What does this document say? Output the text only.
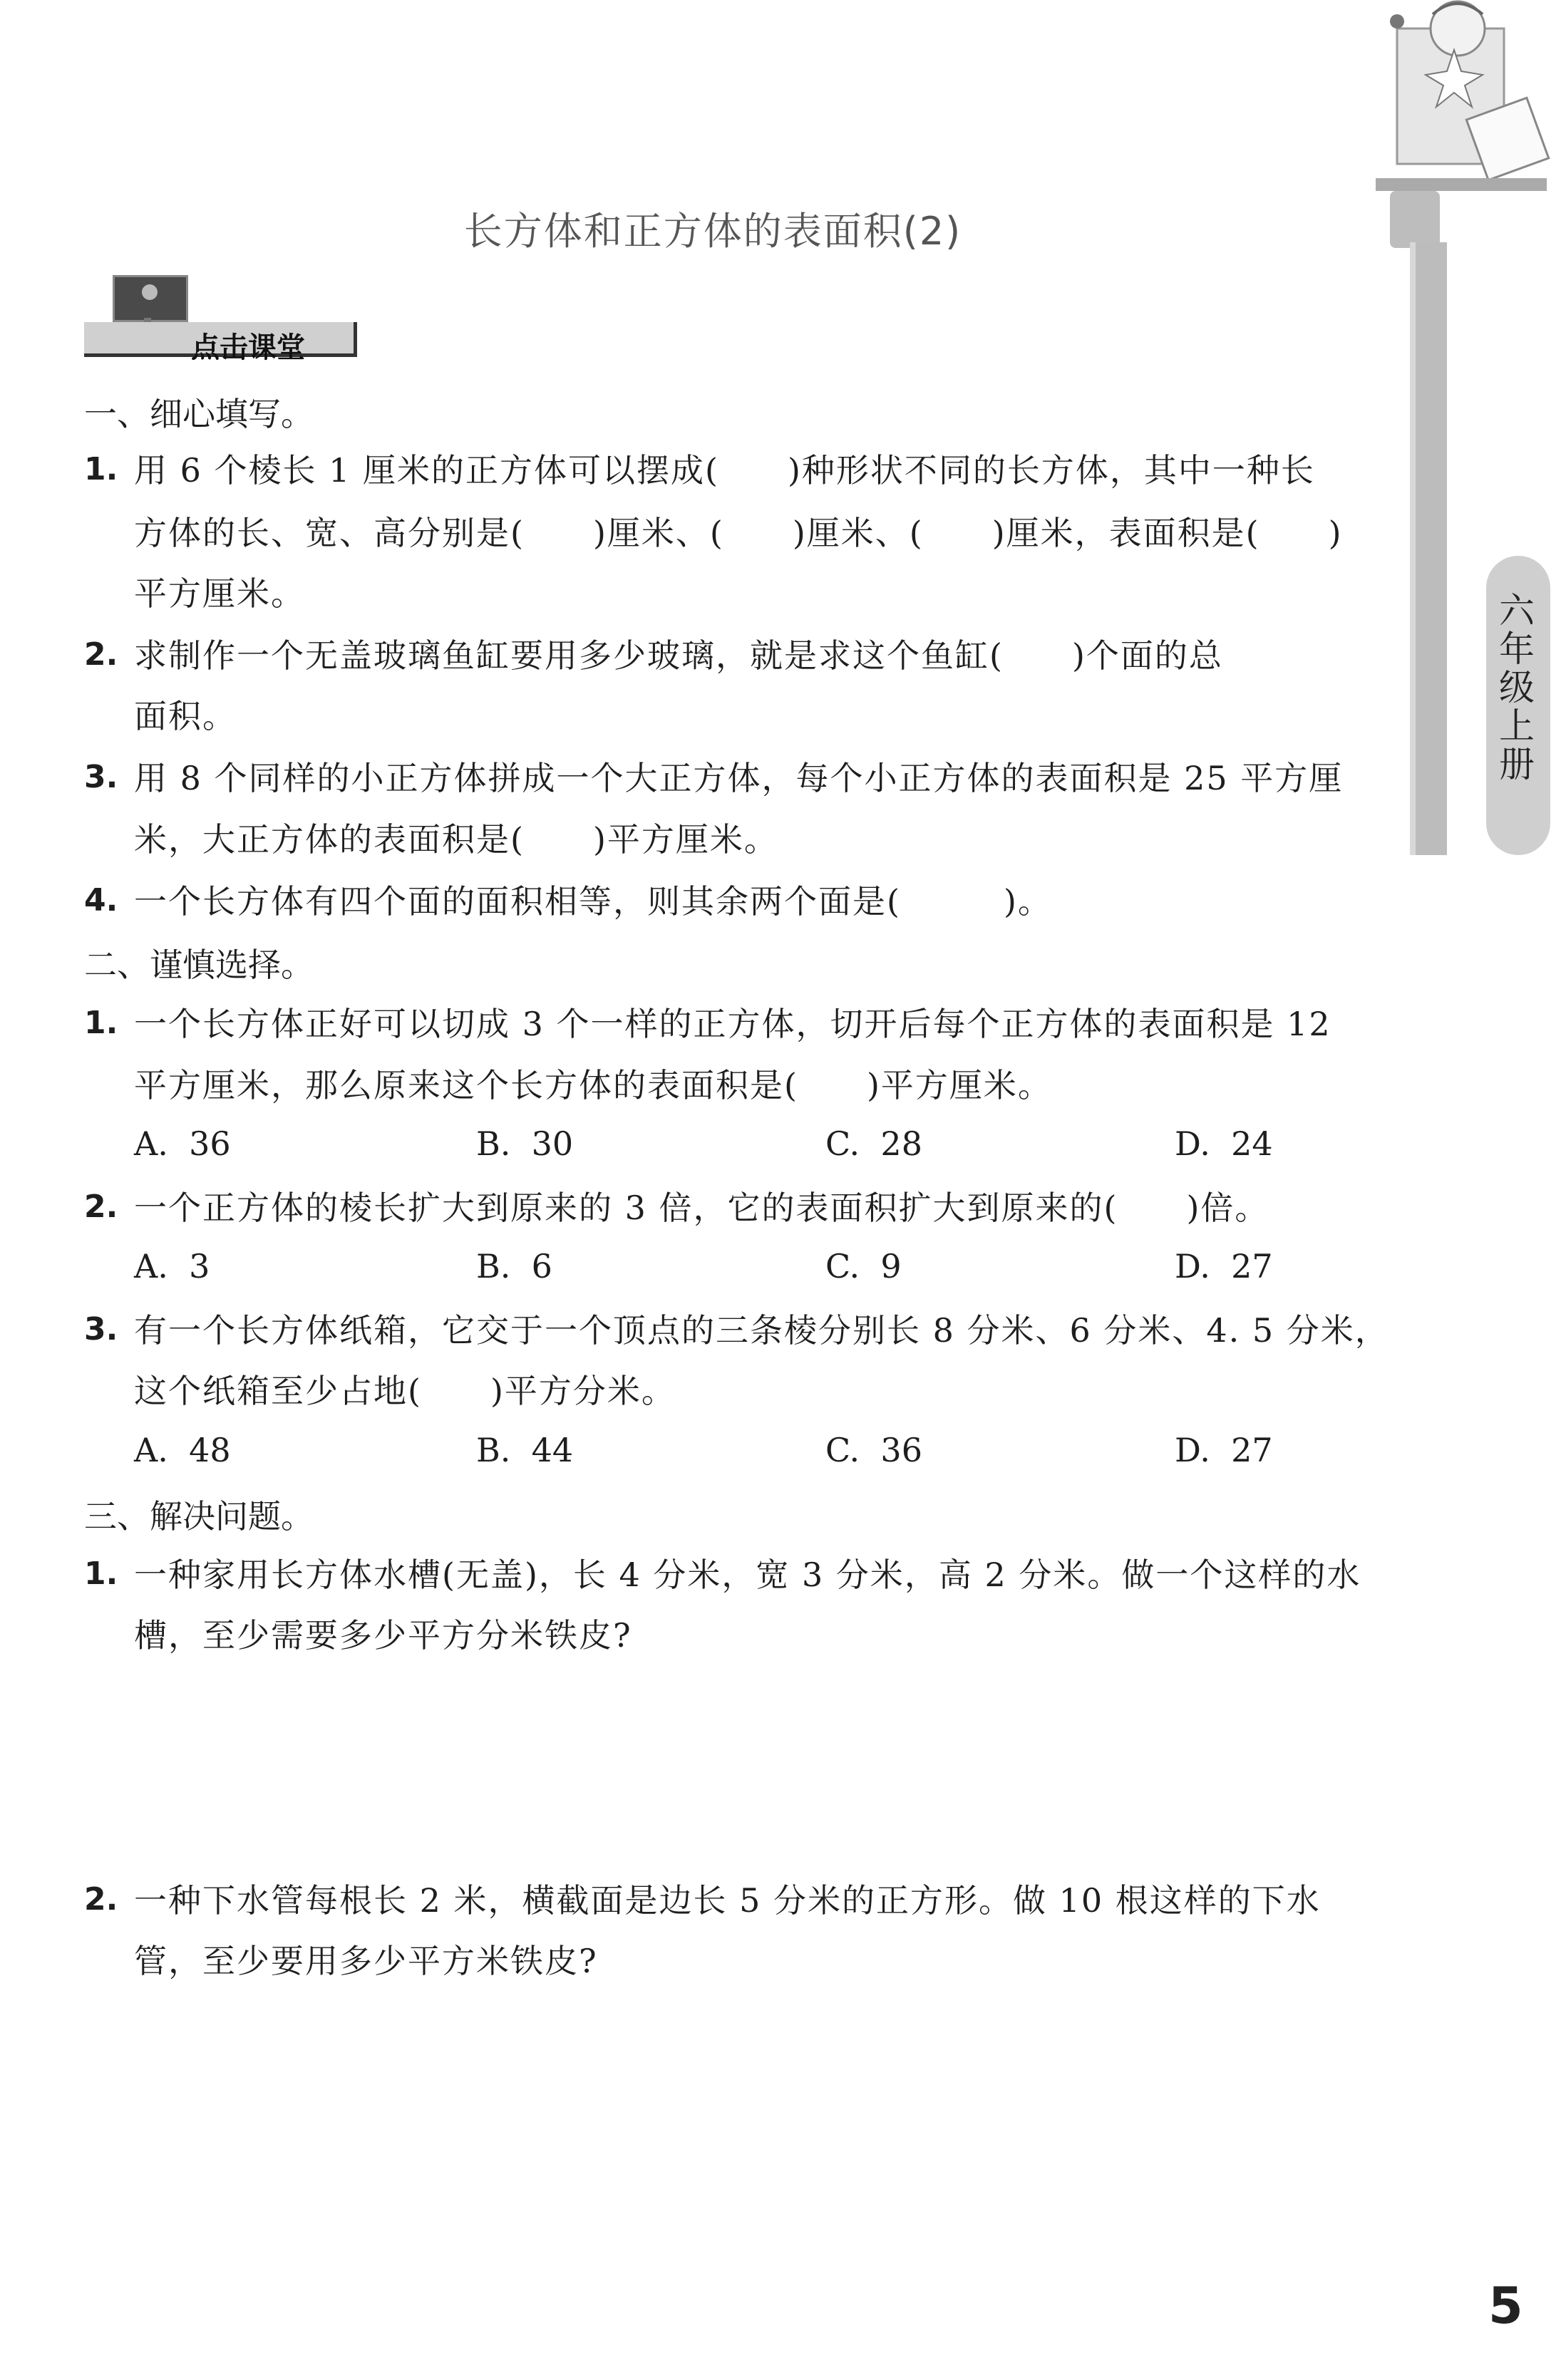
六年级上册
长方体和正方体的表面积(2)
点击课堂
一、细心填写。
1. 用 6 个棱长 1 厘米的正方体可以摆成(　　)种形状不同的长方体，其中一种长
方体的长、宽、高分别是(　　)厘米、(　　)厘米、(　　)厘米，表面积是(　　)
平方厘米。
2. 求制作一个无盖玻璃鱼缸要用多少玻璃，就是求这个鱼缸(　　)个面的总
面积。
3. 用 8 个同样的小正方体拼成一个大正方体，每个小正方体的表面积是 25 平方厘
米，大正方体的表面积是(　　)平方厘米。
4. 一个长方体有四个面的面积相等，则其余两个面是(　　　)。
二、谨慎选择。
1. 一个长方体正好可以切成 3 个一样的正方体，切开后每个正方体的表面积是 12
平方厘米，那么原来这个长方体的表面积是(　　)平方厘米。
A.  36	B.  30	C.  28	D.  24
2. 一个正方体的棱长扩大到原来的 3 倍，它的表面积扩大到原来的(　　)倍。
A.  3	B.  6	C.  9	D.  27
3. 有一个长方体纸箱，它交于一个顶点的三条棱分别长 8 分米、6 分米、4. 5 分米，
这个纸箱至少占地(　　)平方分米。
A.  48	B.  44	C.  36	D.  27
三、解决问题。
1. 一种家用长方体水槽(无盖)，长 4 分米，宽 3 分米，高 2 分米。做一个这样的水
槽，至少需要多少平方分米铁皮?
2. 一种下水管每根长 2 米，横截面是边长 5 分米的正方形。做 10 根这样的下水
管，至少要用多少平方米铁皮?
5
